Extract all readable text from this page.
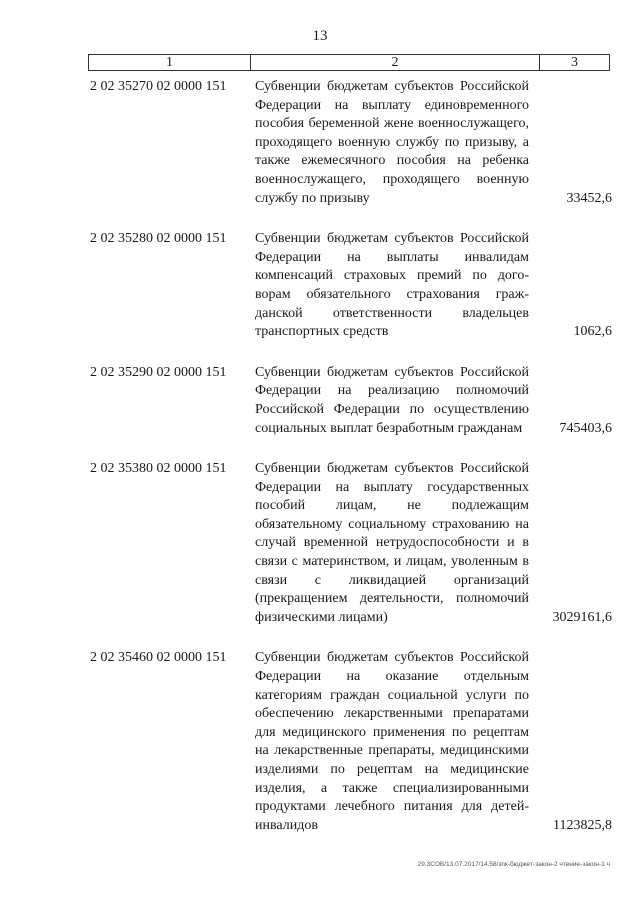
13
1	2	3
2 02 35270 02 0000 151	Субвенции бюджетам субъектов Российской Федерации на выплату единовременного пособия беременной жене военнослужащего, проходящего военную службу по призыву, а также ежемесячного пособия на ребенка военнослужащего, проходящего военную службу по призыву	33452,6
2 02 35280 02 0000 151	Субвенции бюджетам субъектов Российской Федерации на выплаты инвалидам компенсаций страховых премий по договорам обязательного страхования гражданской ответственности владельцев транспортных средств	1062,6
2 02 35290 02 0000 151	Субвенции бюджетам субъектов Российской Федерации на реализацию полномочий Российской Федерации по осуществлению социальных выплат безработным гражданам	745403,6
2 02 35380 02 0000 151	Субвенции бюджетам субъектов Российской Федерации на выплату государственных пособий лицам, не подлежащим обязательному социальному страхованию на случай временной нетрудоспособности и в связи с материнством, и лицам, уволенным в связи с ликвидацией организаций (прекращением деятельности, полномочий физическими лицами)	3029161,6
2 02 35460 02 0000 151	Субвенции бюджетам субъектов Российской Федерации на оказание отдельным категориям граждан социальной услуги по обеспечению лекарственными препаратами для медицинского применения по рецептам на лекарственные препараты, медицинскими изделиями по рецептам на медицинские изделия, а также специализированными продуктами лечебного питания для детей-инвалидов	1123825,8
29.3СОВ/13.07.2017/14.58/зпк-бюджет-закон-2 чтение-закон-1 ч
